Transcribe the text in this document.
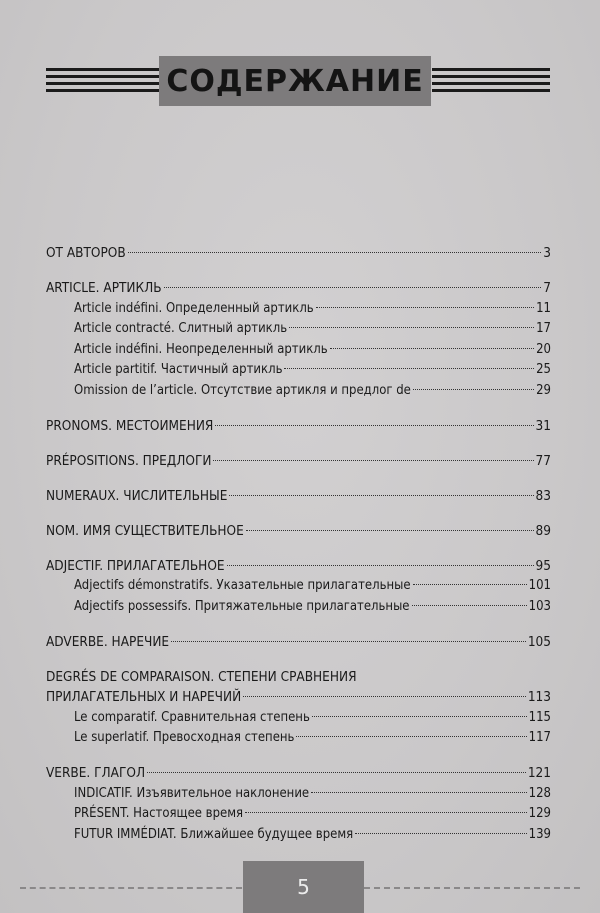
СОДЕРЖАНИЕ
ОТ АВТОРОВ	3
ARTICLE. АРТИКЛЬ	7
Article indéfini. Определенный артикль	11
Article contracté. Слитный артикль	17
Article indéfini. Неопределенный артикль	20
Article partitif. Частичный артикль	25
Omission de l’article. Отсутствие артикля и предлог de	29
PRONOMS. МЕСТОИМЕНИЯ	31
PRÉPOSITIONS. ПРЕДЛОГИ	77
NUMERAUX. ЧИСЛИТЕЛЬНЫЕ	83
NOM. ИМЯ СУЩЕСТВИТЕЛЬНОЕ	89
ADJECTIF. ПРИЛАГАТЕЛЬНОЕ	95
Adjectifs démonstratifs. Указательные прилагательные	101
Adjectifs possessifs. Притяжательные прилагательные	103
ADVERBE. НАРЕЧИЕ	105
DEGRÉS DE COMPARAISON. СТЕПЕНИ СРАВНЕНИЯ
ПРИЛАГАТЕЛЬНЫХ И НАРЕЧИЙ	113
Le comparatif. Сравнительная степень	115
Le superlatif. Превосходная степень	117
VERBE. ГЛАГОЛ	121
INDICATIF. Изъявительное наклонение	128
PRÉSENT. Настоящее время	129
FUTUR IMMÉDIAT. Ближайшее будущее время	139
5
